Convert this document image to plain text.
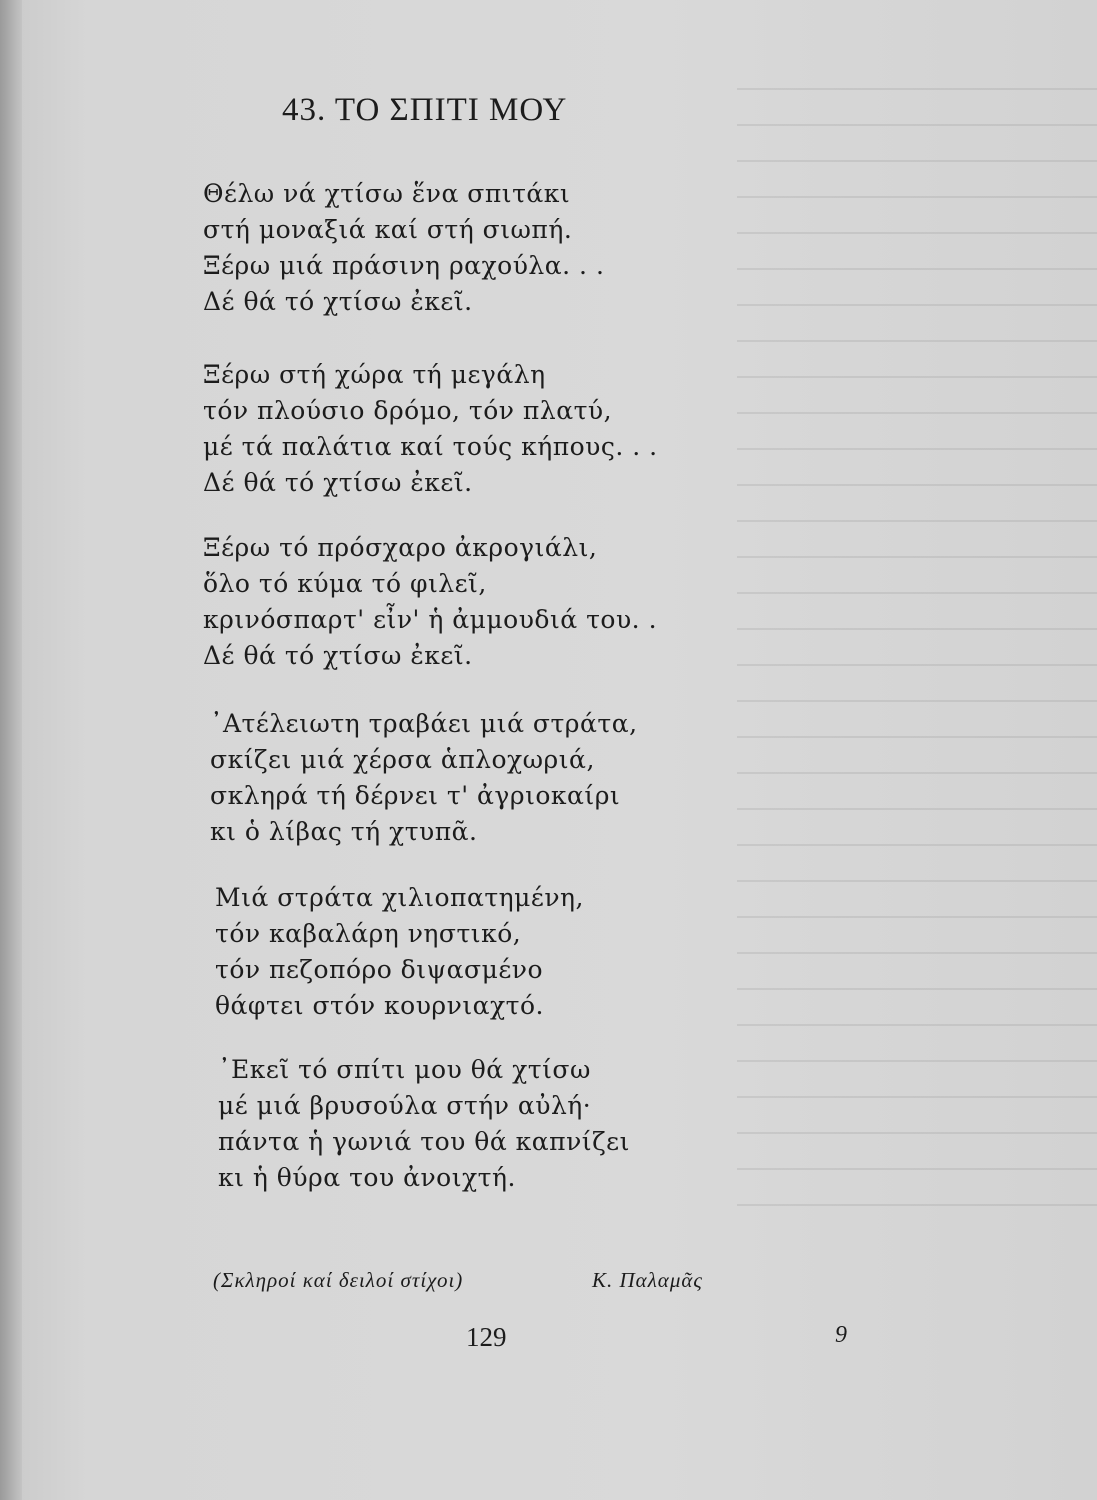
43. ΤΟ ΣΠΙΤΙ ΜΟΥ
Θέλω νά χτίσω ἕνα σπιτάκι
στή μοναξιά καί στή σιωπή.
Ξέρω μιά πράσινη ραχούλα. . .
Δέ θά τό χτίσω ἐκεῖ.
Ξέρω στή χώρα τή μεγάλη
τόν πλούσιο δρόμο, τόν πλατύ,
μέ τά παλάτια καί τούς κήπους. . .
Δέ θά τό χτίσω ἐκεῖ.
Ξέρω τό πρόσχαρο ἀκρογιάλι,
ὅλο τό κύμα τό φιλεῖ,
κρινόσπαρτ' εἶν' ἡ ἀμμουδιά του. .
Δέ θά τό χτίσω ἐκεῖ.
᾿Ατέλειωτη τραβάει μιά στράτα,
σκίζει μιά χέρσα ἁπλοχωριά,
σκληρά τή δέρνει τ' ἀγριοκαίρι
κι ὁ λίβας τή χτυπᾶ.
Μιά στράτα χιλιοπατημένη,
τόν καβαλάρη νηστικό,
τόν πεζοπόρο διψασμένο
θάφτει στόν κουρνιαχτό.
᾿Εκεῖ τό σπίτι μου θά χτίσω
μέ μιά βρυσούλα στήν αὐλή·
πάντα ἡ γωνιά του θά καπνίζει
κι ἡ θύρα του ἀνοιχτή.
(Σκληροί καί δειλοί στίχοι)	Κ. Παλαμᾶς
129	9
